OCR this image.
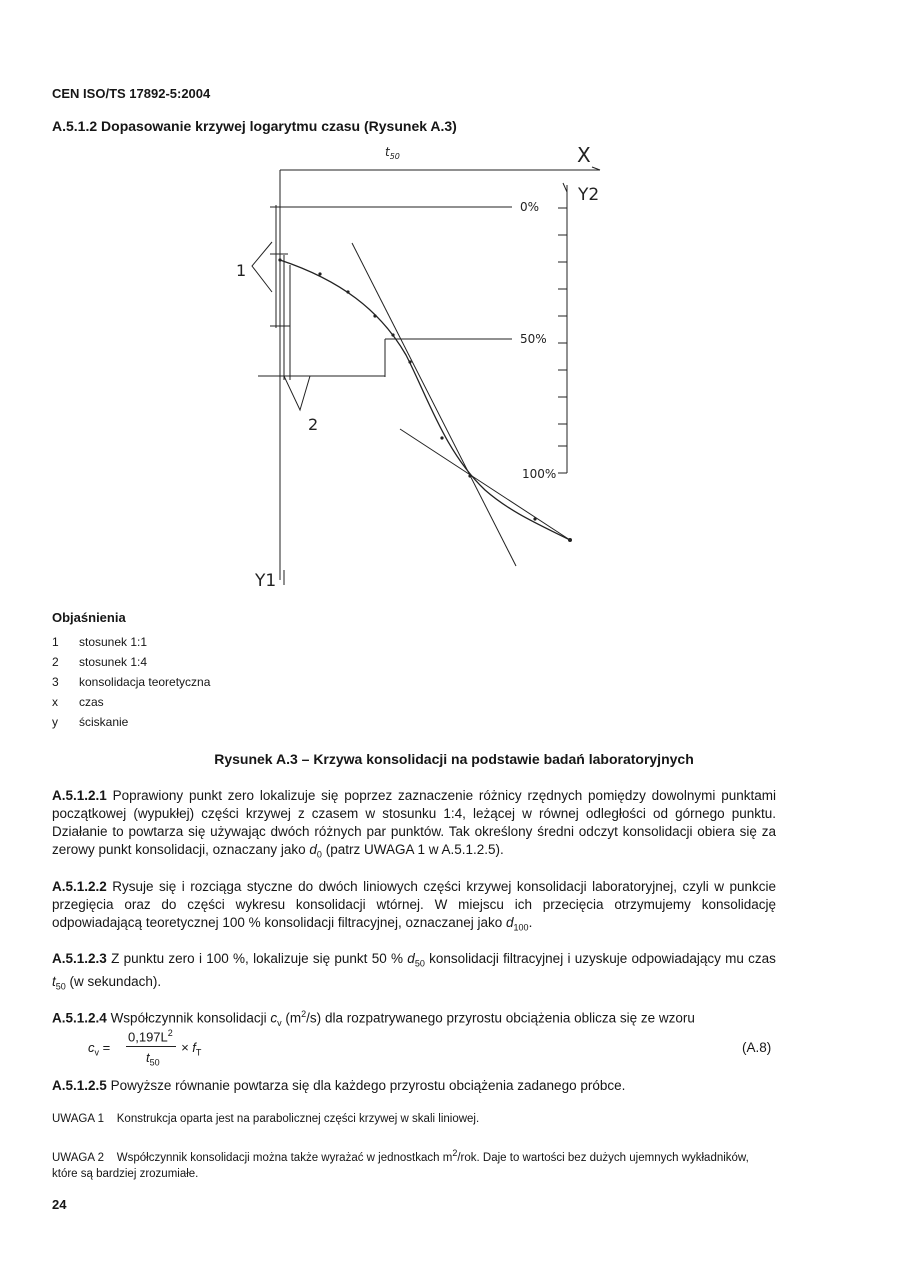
CEN ISO/TS 17892-5:2004
A.5.1.2 Dopasowanie krzywej logarytmu czasu (Rysunek A.3)
$t_{50}$	X
Y2
Y1
0%
50%
100%
1
2
Objaśnienia
1 stosunek 1:1
2 stosunek 1:4
3 konsolidacja teoretyczna
x czas
y ściskanie
Rysunek A.3 – Krzywa konsolidacji na podstawie badań laboratoryjnych
A.5.1.2.1 Poprawiony punkt zero lokalizuje się poprzez zaznaczenie różnicy rzędnych pomiędzy dowolnymi punktami początkowej (wypukłej) części krzywej z czasem w stosunku 1:4, leżącej w równej odległości od górnego punktu. Działanie to powtarza się używając dwóch różnych par punktów. Tak określony średni odczyt konsolidacji obiera się za zerowy punkt konsolidacji, oznaczany jako $d_0$ (patrz UWAGA 1 w A.5.1.2.5).
A.5.1.2.2 Rysuje się i rozciąga styczne do dwóch liniowych części krzywej konsolidacji laboratoryjnej, czyli w punkcie przegięcia oraz do części wykresu konsolidacji wtórnej. W miejscu ich przecięcia otrzymujemy konsolidację odpowiadającą teoretycznej 100 % konsolidacji filtracyjnej, oznaczanej jako $d_{100}$.
A.5.1.2.3 Z punktu zero i 100 %, lokalizuje się punkt 50 % $d_{50}$ konsolidacji filtracyjnej i uzyskuje odpowiadający mu czas $t_{50}$ (w sekundach).
A.5.1.2.4 Współczynnik konsolidacji $c_v$ $(m^2/s)$ dla rozpatrywanego przyrostu obciążenia oblicza się ze wzoru
$c_v$ =
$0,197L^2$
$t_{50}$
× $f_T$	(A.8)
A.5.1.2.5 Powyższe równanie powtarza się dla każdego przyrostu obciążenia zadanego próbce.
UWAGA 1 Konstrukcja oparta jest na parabolicznej części krzywej w skali liniowej.
UWAGA 2 Współczynnik konsolidacji można także wyrażać w jednostkach $m^2$/rok. Daje to wartości bez dużych ujemnych wykładników, które są bardziej zrozumiałe.
24
